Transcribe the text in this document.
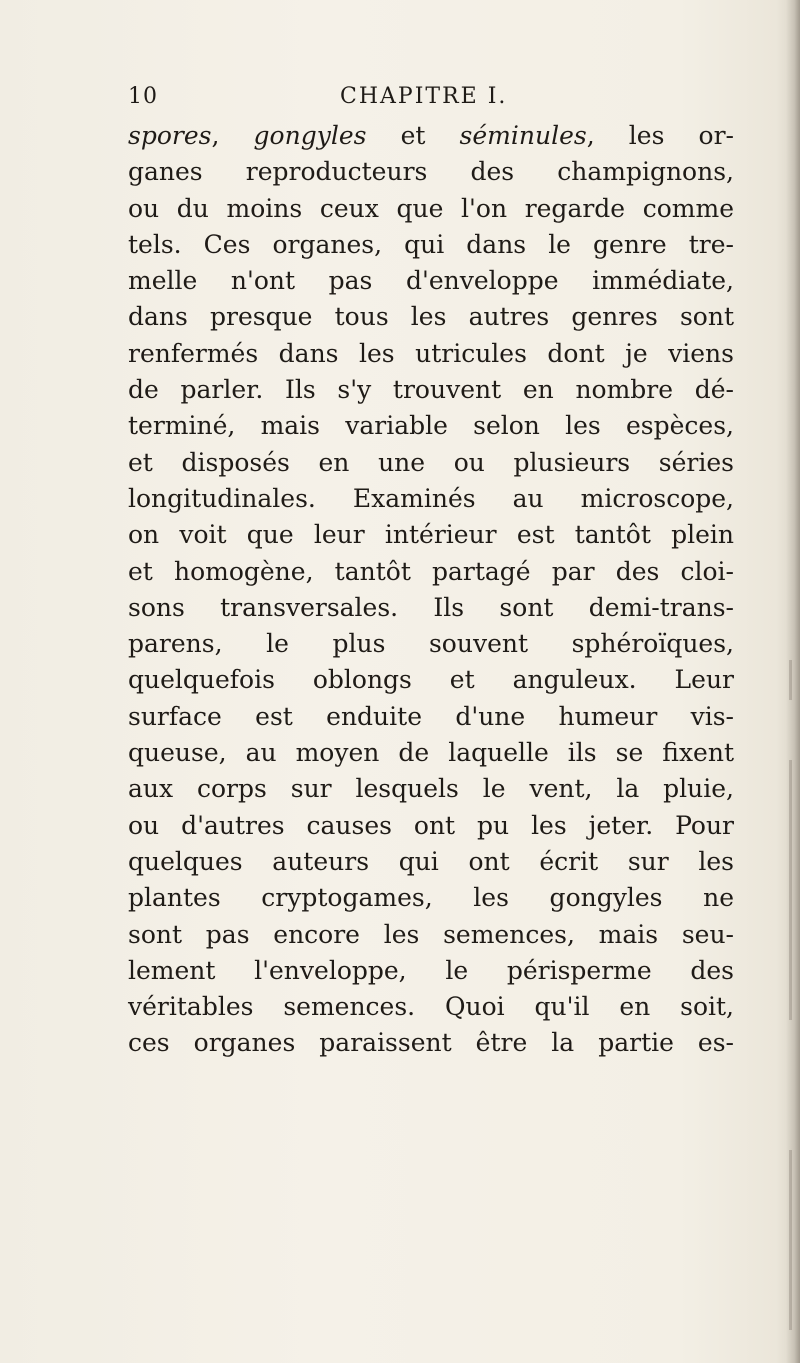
10	CHAPITRE I.
spores, gongyles et séminules, les or-
ganes reproducteurs des champignons,
ou du moins ceux que l'on regarde comme
tels. Ces organes, qui dans le genre tre-
melle n'ont pas d'enveloppe immédiate,
dans presque tous les autres genres sont
renfermés dans les utricules dont je viens
de parler. Ils s'y trouvent en nombre dé-
terminé, mais variable selon les espèces,
et disposés en une ou plusieurs séries
longitudinales. Examinés au microscope,
on voit que leur intérieur est tantôt plein
et homogène, tantôt partagé par des cloi-
sons transversales. Ils sont demi-trans-
parens, le plus souvent sphéroïques,
quelquefois oblongs et anguleux. Leur
surface est enduite d'une humeur vis-
queuse, au moyen de laquelle ils se fixent
aux corps sur lesquels le vent, la pluie,
ou d'autres causes ont pu les jeter. Pour
quelques auteurs qui ont écrit sur les
plantes cryptogames, les gongyles ne
sont pas encore les semences, mais seu-
lement l'enveloppe, le périsperme des
véritables semences. Quoi qu'il en soit,
ces organes paraissent être la partie es-
